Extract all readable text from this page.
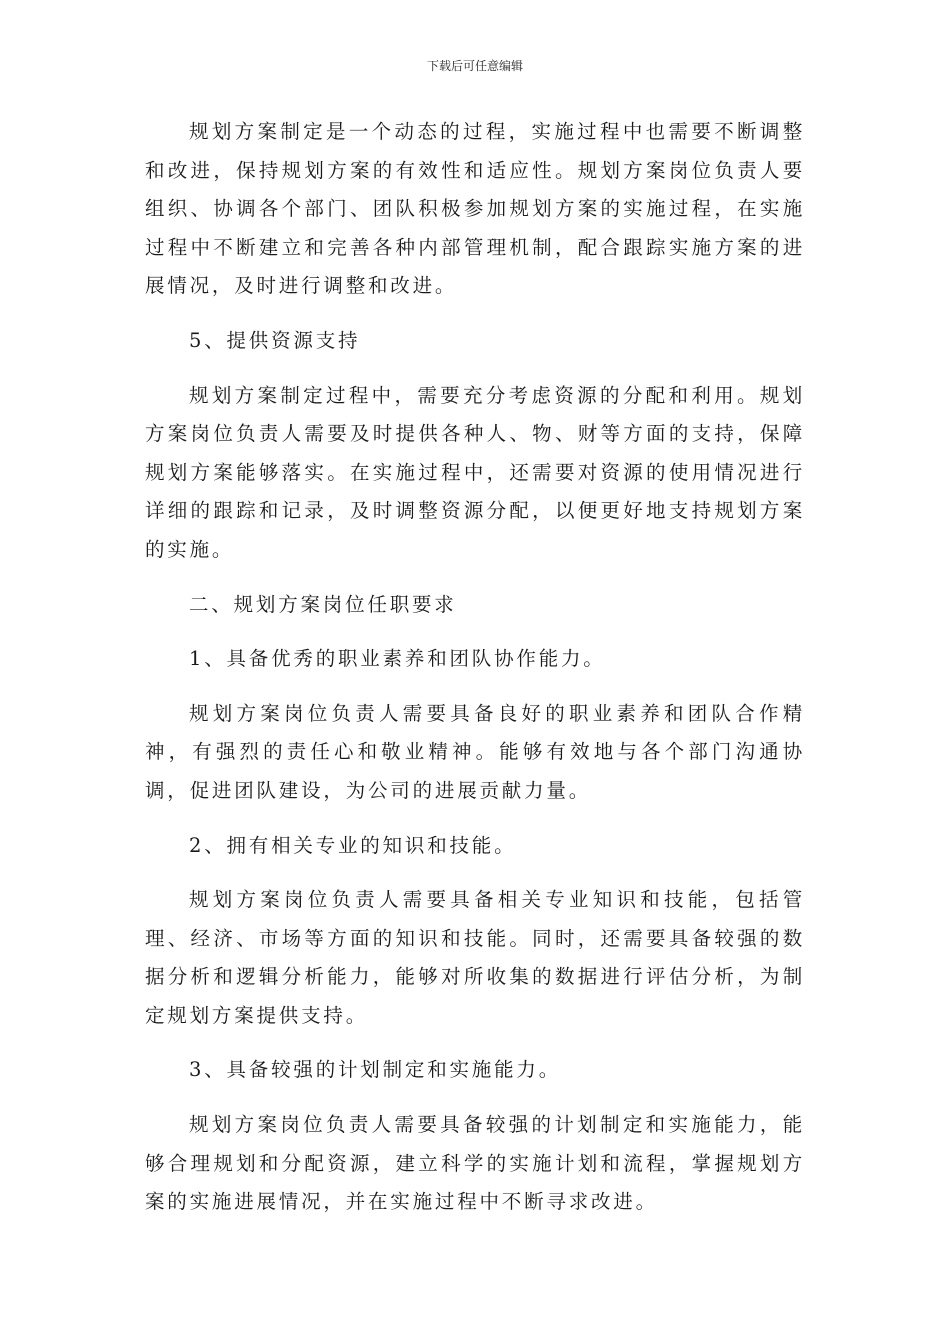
下载后可任意编辑

规划方案制定是一个动态的过程，实施过程中也需要不断调整和改进，保持规划方案的有效性和适应性。规划方案岗位负责人要组织、协调各个部门、团队积极参加规划方案的实施过程，在实施过程中不断建立和完善各种内部管理机制，配合跟踪实施方案的进展情况，及时进行调整和改进。

5、提供资源支持

规划方案制定过程中，需要充分考虑资源的分配和利用。规划方案岗位负责人需要及时提供各种人、物、财等方面的支持，保障规划方案能够落实。在实施过程中，还需要对资源的使用情况进行详细的跟踪和记录，及时调整资源分配，以便更好地支持规划方案的实施。

二、规划方案岗位任职要求

1、具备优秀的职业素养和团队协作能力。

规划方案岗位负责人需要具备良好的职业素养和团队合作精神，有强烈的责任心和敬业精神。能够有效地与各个部门沟通协调，促进团队建设，为公司的进展贡献力量。

2、拥有相关专业的知识和技能。

规划方案岗位负责人需要具备相关专业知识和技能，包括管理、经济、市场等方面的知识和技能。同时，还需要具备较强的数据分析和逻辑分析能力，能够对所收集的数据进行评估分析，为制定规划方案提供支持。

3、具备较强的计划制定和实施能力。

规划方案岗位负责人需要具备较强的计划制定和实施能力，能够合理规划和分配资源，建立科学的实施计划和流程，掌握规划方案的实施进展情况，并在实施过程中不断寻求改进。
